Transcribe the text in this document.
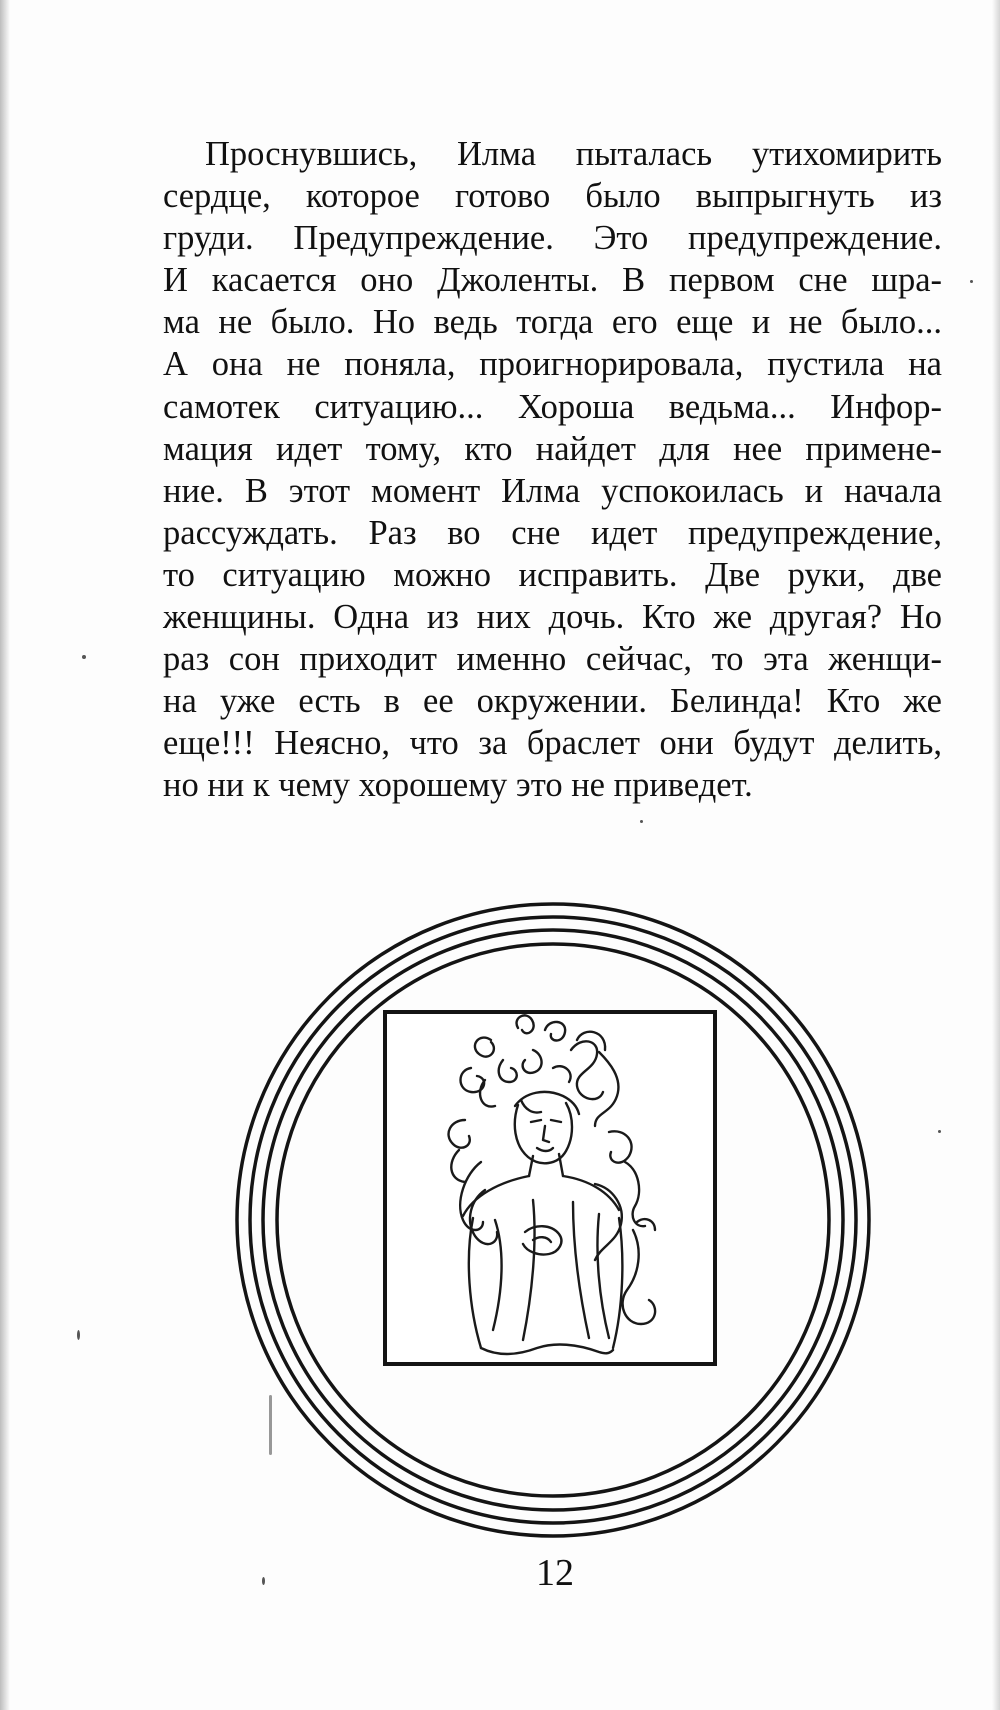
Проснувшись, Илма пыталась утихомирить
сердце, которое готово было выпрыгнуть из
груди. Предупреждение. Это предупреждение.
И касается оно Джоленты. В первом сне шра-
ма не было. Но ведь тогда его еще и не было...
А она не поняла, проигнорировала, пустила на
самотек ситуацию... Хороша ведьма... Инфор-
мация идет тому, кто найдет для нее примене-
ние. В этот момент Илма успокоилась и начала
рассуждать. Раз во сне идет предупреждение,
то ситуацию можно исправить. Две руки, две
женщины. Одна из них дочь. Кто же другая? Но
раз сон приходит именно сейчас, то эта женщи-
на уже есть в ее окружении. Белинда! Кто же
еще!!! Неясно, что за браслет они будут делить,
но ни к чему хорошему это не приведет.
12
